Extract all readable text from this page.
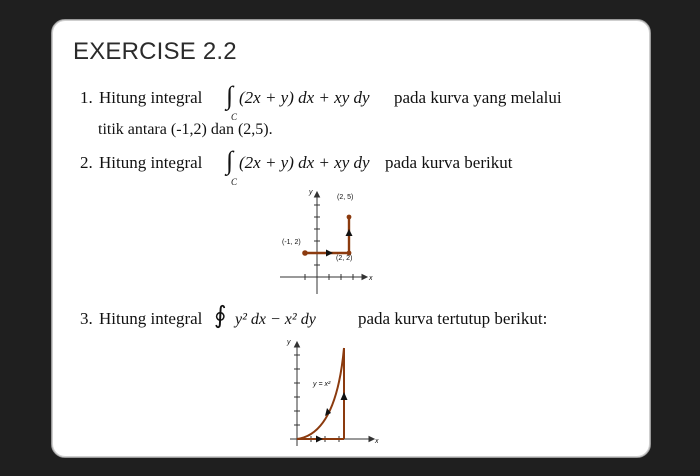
EXERCISE 2.2
1. Hitung integral ∫
C
(2x + y) dx + xy dy pada kurva yang melalui
titik antara (-1,2) dan (2,5).
2. Hitung integral ∫
C
(2x + y) dx + xy dy pada kurva berikut
y
x
(-1, 2)
(2, 2)
(2, 5)
3. Hitung integral ∮ y² dx − x² dy pada kurva tertutup berikut:
y
x
y = x²
